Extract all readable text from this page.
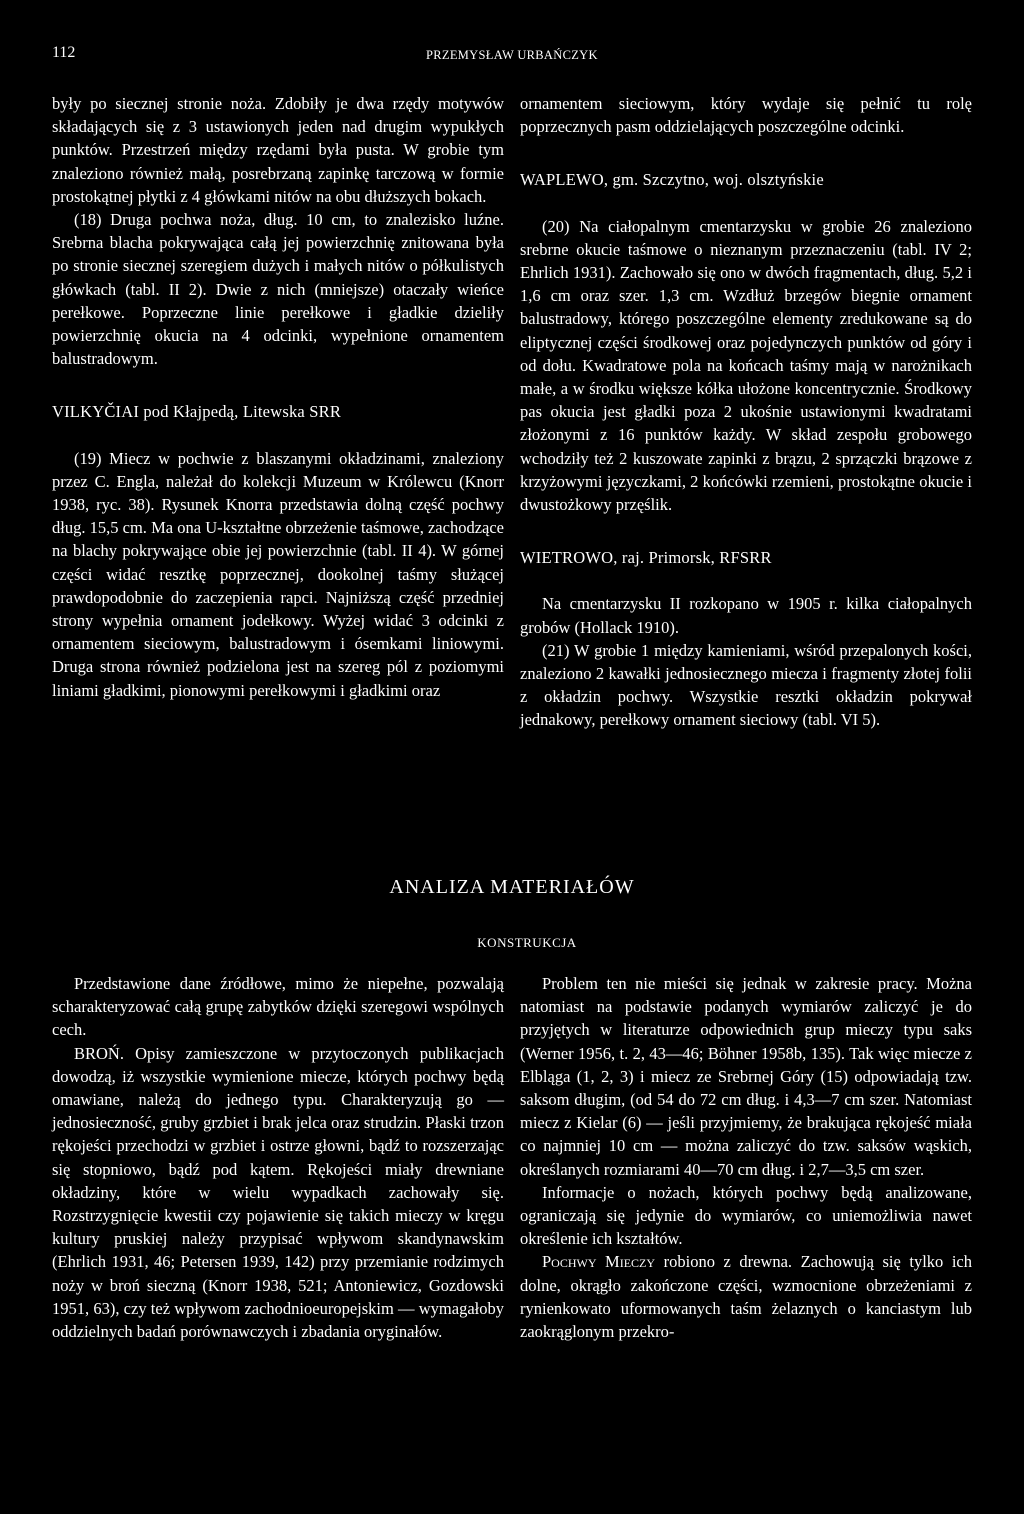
112	PRZEMYSŁAW URBAŃCZYK

były po siecznej stronie noża. Zdobiły je dwa rzędy motywów składających się z 3 ustawionych jeden nad drugim wypukłych punktów. Przestrzeń między rzędami była pusta. W grobie tym znaleziono również małą, posrebrzaną zapinkę tarczową w formie prostokątnej płytki z 4 główkami nitów na obu dłuższych bokach.

(18) Druga pochwa noża, dług. 10 cm, to znalezisko luźne. Srebrna blacha pokrywająca całą jej powierzchnię znitowana była po stronie siecznej szeregiem dużych i małych nitów o półkulistych główkach (tabl. II 2). Dwie z nich (mniejsze) otaczały wieńce perełkowe. Poprzeczne linie perełkowe i gładkie dzieliły powierzchnię okucia na 4 odcinki, wypełnione ornamentem balustradowym.

VILKYČIAI pod Kłajpedą, Litewska SRR

(19) Miecz w pochwie z blaszanymi okładzinami, znaleziony przez C. Engla, należał do kolekcji Muzeum w Królewcu (Knorr 1938, ryc. 38). Rysunek Knorra przedstawia dolną część pochwy dług. 15,5 cm. Ma ona U-kształtne obrzeżenie taśmowe, zachodzące na blachy pokrywające obie jej powierzchnie (tabl. II 4). W górnej części widać resztkę poprzecznej, dookolnej taśmy służącej prawdopodobnie do zaczepienia rapci. Najniższą część przedniej strony wypełnia ornament jodełkowy. Wyżej widać 3 odcinki z ornamentem sieciowym, balustradowym i ósemkami liniowymi. Druga strona również podzielona jest na szereg pól z poziomymi liniami gładkimi, pionowymi perełkowymi i gładkimi oraz

ornamentem sieciowym, który wydaje się pełnić tu rolę poprzecznych pasm oddzielających poszczególne odcinki.

WAPLEWO, gm. Szczytno, woj. olsztyńskie

(20) Na ciałopalnym cmentarzysku w grobie 26 znaleziono srebrne okucie taśmowe o nieznanym przeznaczeniu (tabl. IV 2; Ehrlich 1931). Zachowało się ono w dwóch fragmentach, dług. 5,2 i 1,6 cm oraz szer. 1,3 cm. Wzdłuż brzegów biegnie ornament balustradowy, którego poszczególne elementy zredukowane są do eliptycznej części środkowej oraz pojedynczych punktów od góry i od dołu. Kwadratowe pola na końcach taśmy mają w narożnikach małe, a w środku większe kółka ułożone koncentrycznie. Środkowy pas okucia jest gładki poza 2 ukośnie ustawionymi kwadratami złożonymi z 16 punktów każdy. W skład zespołu grobowego wchodziły też 2 kuszowate zapinki z brązu, 2 sprzączki brązowe z krzyżowymi języczkami, 2 końcówki rzemieni, prostokątne okucie i dwustożkowy przęślik.

WIETROWO, raj. Primorsk, RFSRR

Na cmentarzysku II rozkopano w 1905 r. kilka ciałopalnych grobów (Hollack 1910).

(21) W grobie 1 między kamieniami, wśród przepalonych kości, znaleziono 2 kawałki jednosiecznego miecza i fragmenty złotej folii z okładzin pochwy. Wszystkie resztki okładzin pokrywał jednakowy, perełkowy ornament sieciowy (tabl. VI 5).

ANALIZA MATERIAŁÓW
KONSTRUKCJA

Przedstawione dane źródłowe, mimo że niepełne, pozwalają scharakteryzować całą grupę zabytków dzięki szeregowi wspólnych cech.

BROŃ. Opisy zamieszczone w przytoczonych publikacjach dowodzą, iż wszystkie wymienione miecze, których pochwy będą omawiane, należą do jednego typu. Charakteryzują go — jednosieczność, gruby grzbiet i brak jelca oraz strudzin. Płaski trzon rękojeści przechodzi w grzbiet i ostrze głowni, bądź to rozszerzając się stopniowo, bądź pod kątem. Rękojeści miały drewniane okładziny, które w wielu wypadkach zachowały się. Rozstrzygnięcie kwestii czy pojawienie się takich mieczy w kręgu kultury pruskiej należy przypisać wpływom skandynawskim (Ehrlich 1931, 46; Petersen 1939, 142) przy przemianie rodzimych noży w broń sieczną (Knorr 1938, 521; Antoniewicz, Gozdowski 1951, 63), czy też wpływom zachodnioeuropejskim — wymagałoby oddzielnych badań porównawczych i zbadania oryginałów.

Problem ten nie mieści się jednak w zakresie pracy. Można natomiast na podstawie podanych wymiarów zaliczyć je do przyjętych w literaturze odpowiednich grup mieczy typu saks (Werner 1956, t. 2, 43—46; Böhner 1958b, 135). Tak więc miecze z Elbląga (1, 2, 3) i miecz ze Srebrnej Góry (15) odpowiadają tzw. saksom długim, (od 54 do 72 cm dług. i 4,3—7 cm szer. Natomiast miecz z Kielar (6) — jeśli przyjmiemy, że brakująca rękojeść miała co najmniej 10 cm — można zaliczyć do tzw. saksów wąskich, określanych rozmiarami 40—70 cm dług. i 2,7—3,5 cm szer.

Informacje o nożach, których pochwy będą analizowane, ograniczają się jedynie do wymiarów, co uniemożliwia nawet określenie ich kształtów.

Pochwy Mieczy robiono z drewna. Zachowują się tylko ich dolne, okrągło zakończone części, wzmocnione obrzeżeniami z rynienkowato uformowanych taśm żelaznych o kanciastym lub zaokrąglonym przekro-
